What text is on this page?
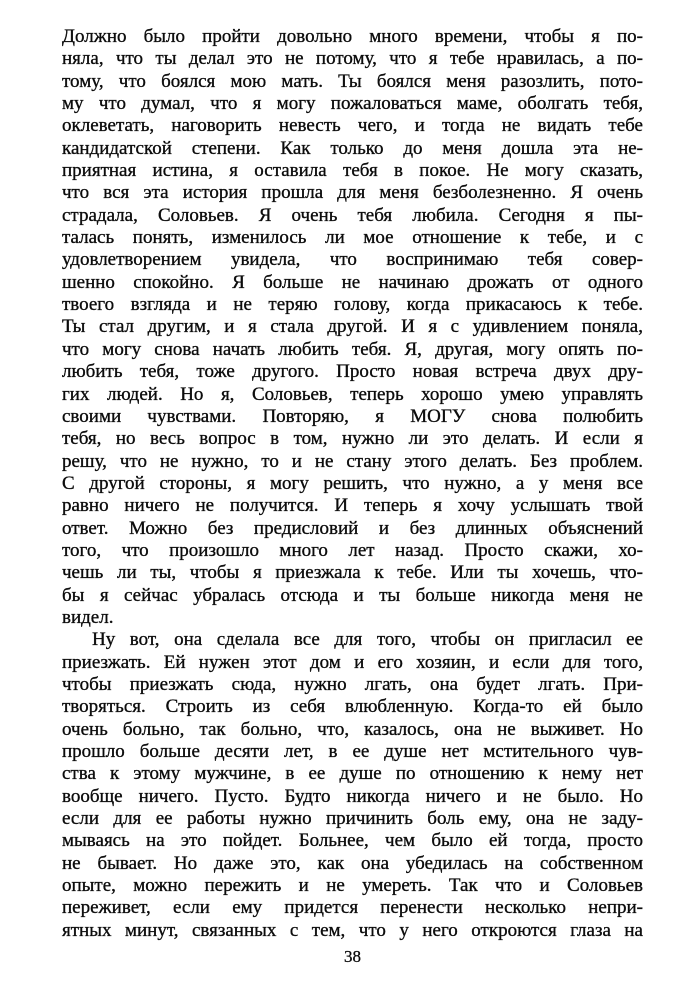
Должно было пройти довольно много времени, чтобы я по-
няла, что ты делал это не потому, что я тебе нравилась, а по-
тому, что боялся мою мать. Ты боялся меня разозлить, пото-
му что думал, что я могу пожаловаться маме, оболгать тебя,
оклеветать, наговорить невесть чего, и тогда не видать тебе
кандидатской степени. Как только до меня дошла эта не-
приятная истина, я оставила тебя в покое. Не могу сказать,
что вся эта история прошла для меня безболезненно. Я очень
страдала, Соловьев. Я очень тебя любила. Сегодня я пы-
талась понять, изменилось ли мое отношение к тебе, и с
удовлетворением увидела, что воспринимаю тебя совер-
шенно спокойно. Я больше не начинаю дрожать от одного
твоего взгляда и не теряю голову, когда прикасаюсь к тебе.
Ты стал другим, и я стала другой. И я с удивлением поняла,
что могу снова начать любить тебя. Я, другая, могу опять по-
любить тебя, тоже другого. Просто новая встреча двух дру-
гих людей. Но я, Соловьев, теперь хорошо умею управлять
своими чувствами. Повторяю, я МОГУ снова полюбить
тебя, но весь вопрос в том, нужно ли это делать. И если я
решу, что не нужно, то и не стану этого делать. Без проблем.
С другой стороны, я могу решить, что нужно, а у меня все
равно ничего не получится. И теперь я хочу услышать твой
ответ. Можно без предисловий и без длинных объяснений
того, что произошло много лет назад. Просто скажи, хо-
чешь ли ты, чтобы я приезжала к тебе. Или ты хочешь, что-
бы я сейчас убралась отсюда и ты больше никогда меня не
видел.
Ну вот, она сделала все для того, чтобы он пригласил ее
приезжать. Ей нужен этот дом и его хозяин, и если для того,
чтобы приезжать сюда, нужно лгать, она будет лгать. При-
творяться. Строить из себя влюбленную. Когда-то ей было
очень больно, так больно, что, казалось, она не выживет. Но
прошло больше десяти лет, в ее душе нет мстительного чув-
ства к этому мужчине, в ее душе по отношению к нему нет
вообще ничего. Пусто. Будто никогда ничего и не было. Но
если для ее работы нужно причинить боль ему, она не заду-
мываясь на это пойдет. Больнее, чем было ей тогда, просто
не бывает. Но даже это, как она убедилась на собственном
опыте, можно пережить и не умереть. Так что и Соловьев
переживет, если ему придется перенести несколько непри-
ятных минут, связанных с тем, что у него откроются глаза на
38
